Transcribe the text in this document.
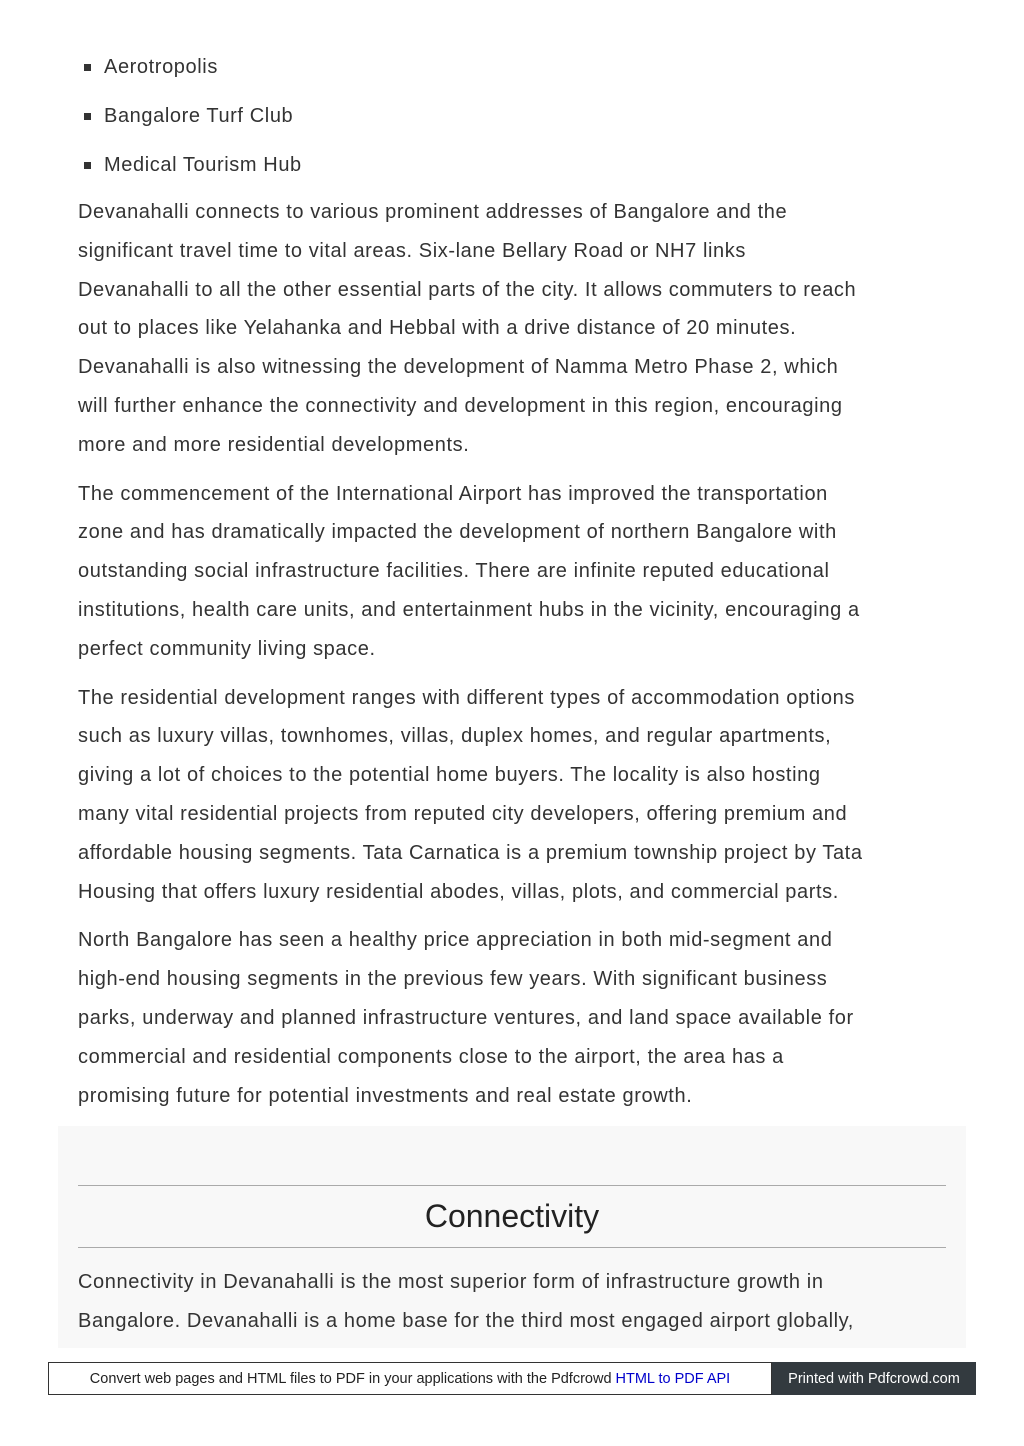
Aerotropolis
Bangalore Turf Club
Medical Tourism Hub

Devanahalli connects to various prominent addresses of Bangalore and the
significant travel time to vital areas. Six-lane Bellary Road or NH7 links
Devanahalli to all the other essential parts of the city. It allows commuters to reach
out to places like Yelahanka and Hebbal with a drive distance of 20 minutes.
Devanahalli is also witnessing the development of Namma Metro Phase 2, which
will further enhance the connectivity and development in this region, encouraging
more and more residential developments.

The commencement of the International Airport has improved the transportation
zone and has dramatically impacted the development of northern Bangalore with
outstanding social infrastructure facilities. There are infinite reputed educational
institutions, health care units, and entertainment hubs in the vicinity, encouraging a
perfect community living space.

The residential development ranges with different types of accommodation options
such as luxury villas, townhomes, villas, duplex homes, and regular apartments,
giving a lot of choices to the potential home buyers. The locality is also hosting
many vital residential projects from reputed city developers, offering premium and
affordable housing segments. Tata Carnatica is a premium township project by Tata
Housing that offers luxury residential abodes, villas, plots, and commercial parts.

North Bangalore has seen a healthy price appreciation in both mid-segment and
high-end housing segments in the previous few years. With significant business
parks, underway and planned infrastructure ventures, and land space available for
commercial and residential components close to the airport, the area has a
promising future for potential investments and real estate growth.

Connectivity

Connectivity in Devanahalli is the most superior form of infrastructure growth in
Bangalore. Devanahalli is a home base for the third most engaged airport globally,

Convert web pages and HTML files to PDF in your applications with the Pdfcrowd HTML to PDF API	Printed with Pdfcrowd.com
